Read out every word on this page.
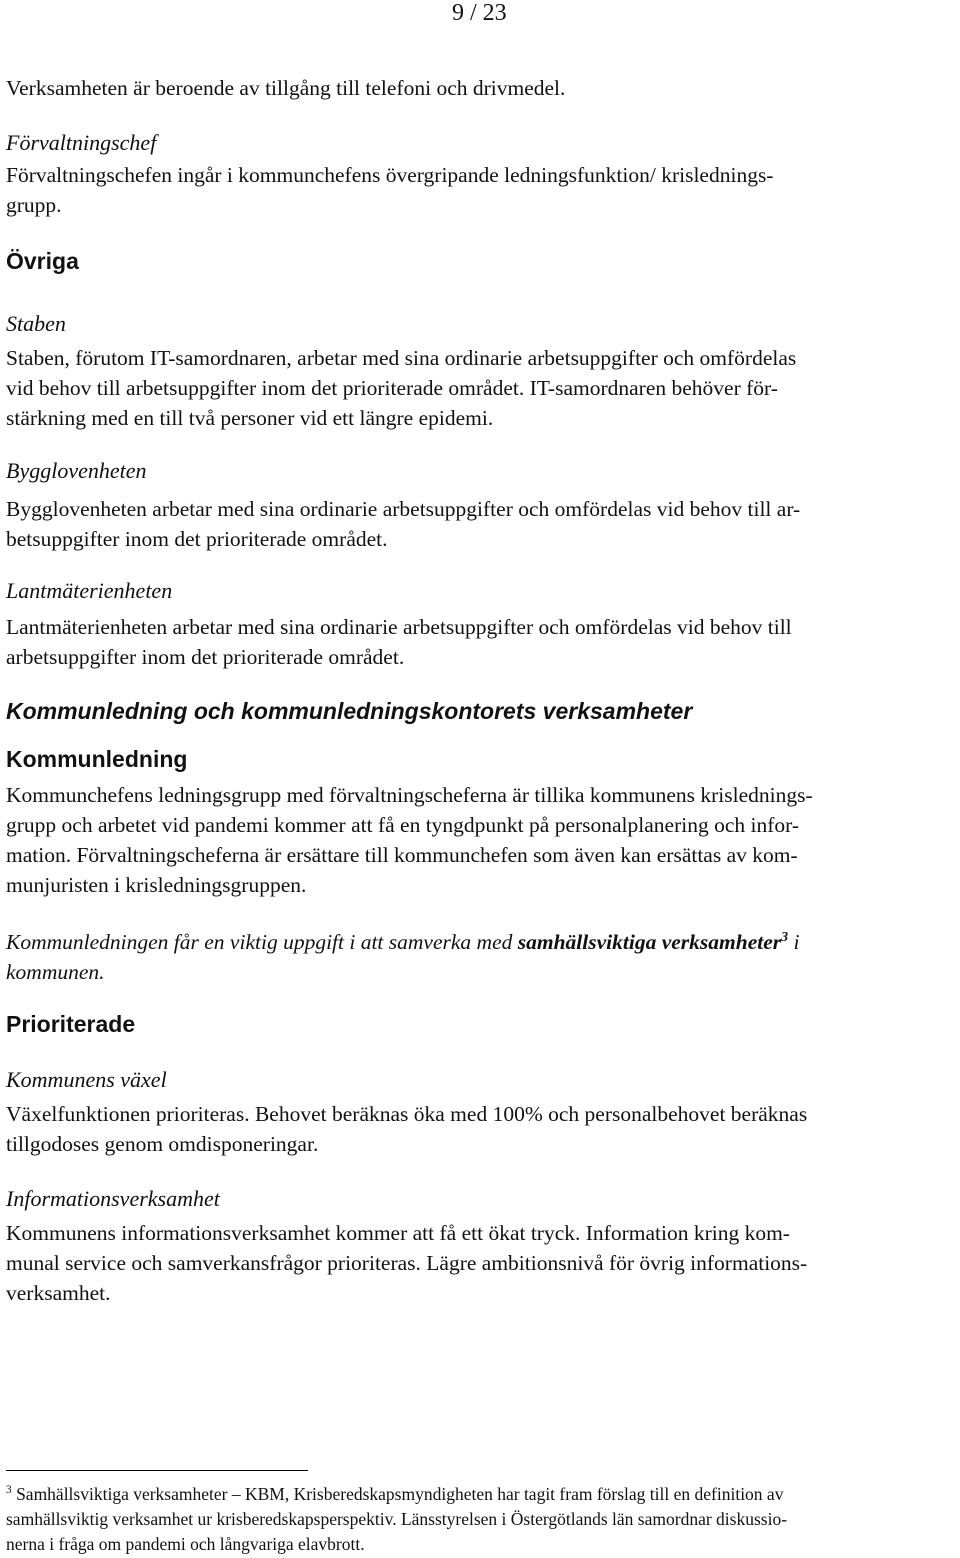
9 / 23

Verksamheten är beroende av tillgång till telefoni och drivmedel.

Förvaltningschef

Förvaltningschefen ingår i kommunchefens övergripande ledningsfunktion/ krislednings-
grupp.

Övriga
Staben

Staben, förutom IT-samordnaren, arbetar med sina ordinarie arbetsuppgifter och omfördelas
vid behov till arbetsuppgifter inom det prioriterade området. IT-samordnaren behöver för-
stärkning med en till två personer vid ett längre epidemi.

Bygglovenheten

Bygglovenheten arbetar med sina ordinarie arbetsuppgifter och omfördelas vid behov till ar-
betsuppgifter inom det prioriterade området.

Lantmäterienheten

Lantmäterienheten arbetar med sina ordinarie arbetsuppgifter och omfördelas vid behov till
arbetsuppgifter inom det prioriterade området.

Kommunledning och kommunledningskontorets verksamheter
Kommunledning

Kommunchefens ledningsgrupp med förvaltningscheferna är tillika kommunens krislednings-
grupp och arbetet vid pandemi kommer att få en tyngdpunkt på personalplanering och infor-
mation. Förvaltningscheferna är ersättare till kommunchefen som även kan ersättas av kom-
munjuristen i krisledningsgruppen.

Kommunledningen får en viktig uppgift i att samverka med samhällsviktiga verksamheter$^3$ i
kommunen.

Prioriterade
Kommunens växel

Växelfunktionen prioriteras. Behovet beräknas öka med 100% och personalbehovet beräknas
tillgodoses genom omdisponeringar.

Informationsverksamhet

Kommunens informationsverksamhet kommer att få ett ökat tryck. Information kring kom-
munal service och samverkansfrågor prioriteras. Lägre ambitionsnivå för övrig informations-
verksamhet.

$^3$ Samhällsviktiga verksamheter – KBM, Krisberedskapsmyndigheten har tagit fram förslag till en definition av
samhällsviktig verksamhet ur krisberedskapsperspektiv. Länsstyrelsen i Östergötlands län samordnar diskussio-
nerna i fråga om pandemi och långvariga elavbrott.
